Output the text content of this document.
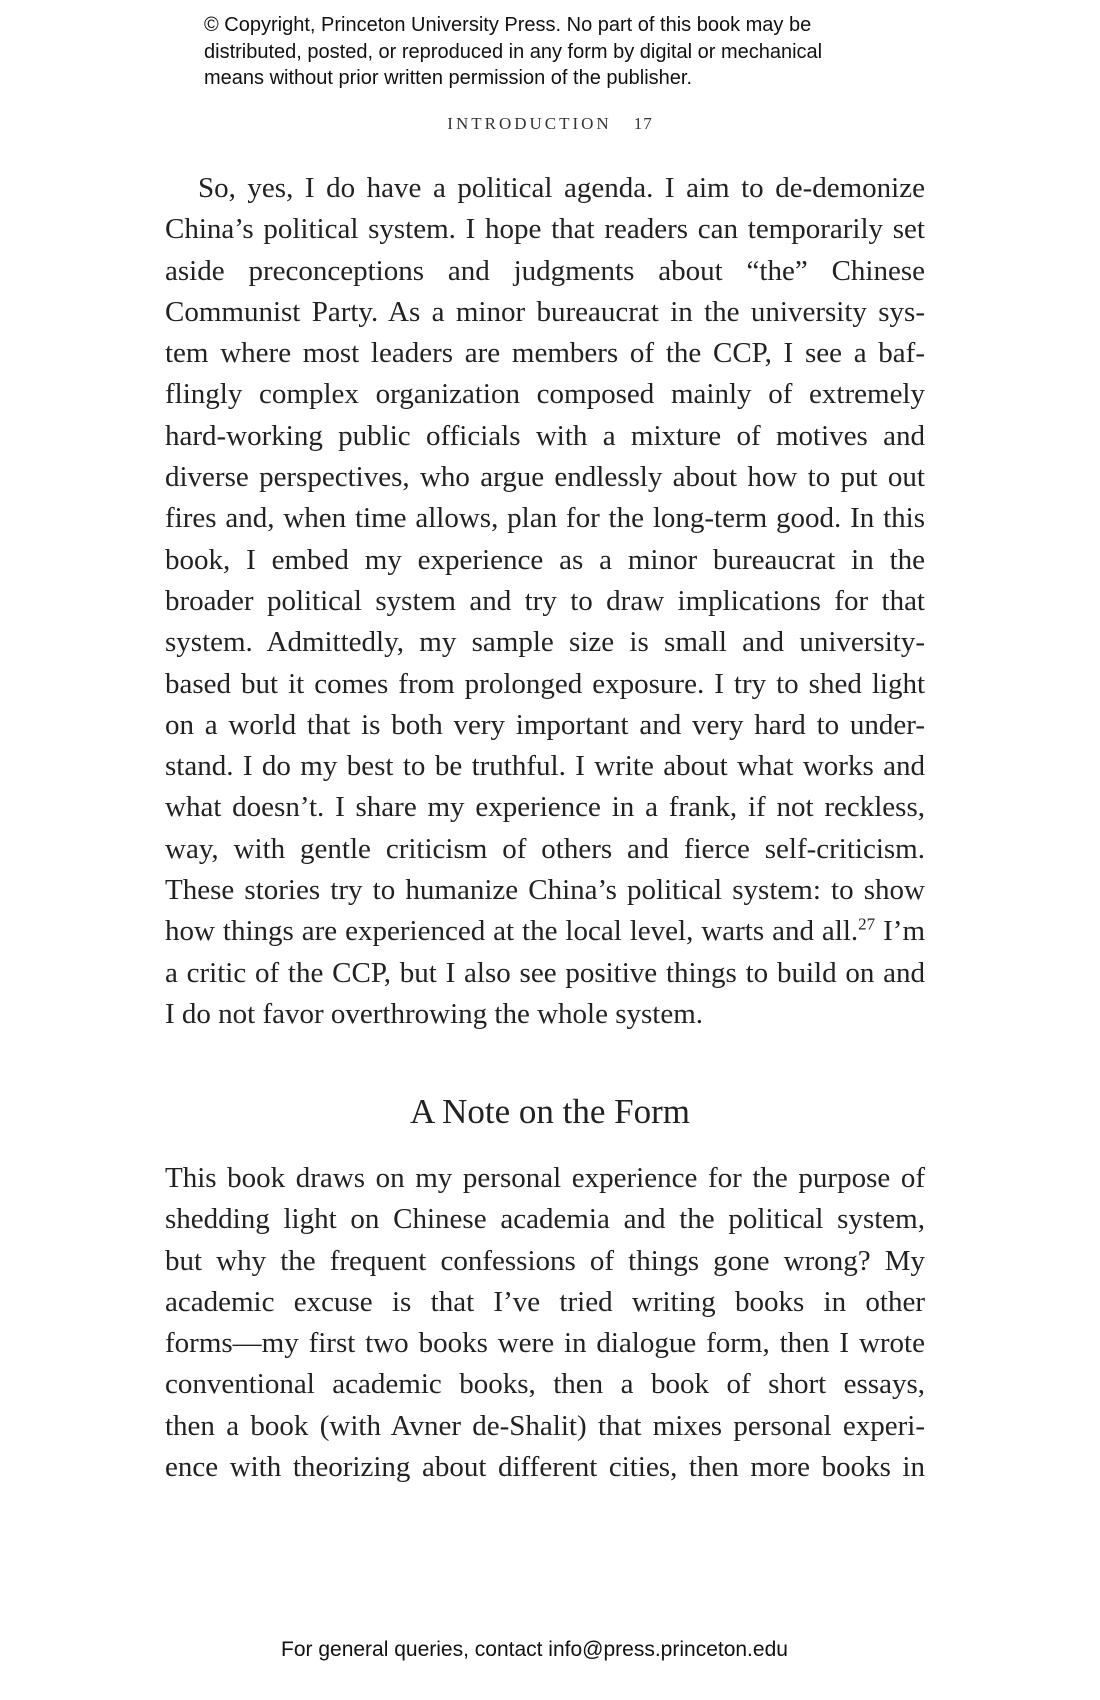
© Copyright, Princeton University Press. No part of this book may be
distributed, posted, or reproduced in any form by digital or mechanical
means without prior written permission of the publisher.
INTRODUCTION 17
So, yes, I do have a political agenda. I aim to de-demonize
China’s political system. I hope that readers can temporarily set
aside preconceptions and judgments about “the” Chinese
Communist Party. As a minor bureaucrat in the university sys-
tem where most leaders are members of the CCP, I see a baf-
flingly complex organization composed mainly of extremely
hard-working public officials with a mixture of motives and
diverse perspectives, who argue endlessly about how to put out
fires and, when time allows, plan for the long-term good. In this
book, I embed my experience as a minor bureaucrat in the
broader political system and try to draw implications for that
system. Admittedly, my sample size is small and university-
based but it comes from prolonged exposure. I try to shed light
on a world that is both very important and very hard to under-
stand. I do my best to be truthful. I write about what works and
what doesn’t. I share my experience in a frank, if not reckless,
way, with gentle criticism of others and fierce self-criticism.
These stories try to humanize China’s political system: to show
how things are experienced at the local level, warts and all.$^{27}$ I’m
a critic of the CCP, but I also see positive things to build on and
I do not favor overthrowing the whole system.
A Note on the Form
This book draws on my personal experience for the purpose of
shedding light on Chinese academia and the political system,
but why the frequent confessions of things gone wrong? My
academic excuse is that I’ve tried writing books in other
forms—my first two books were in dialogue form, then I wrote
conventional academic books, then a book of short essays,
then a book (with Avner de-Shalit) that mixes personal experi-
ence with theorizing about different cities, then more books in
For general queries, contact info@press.princeton.edu
